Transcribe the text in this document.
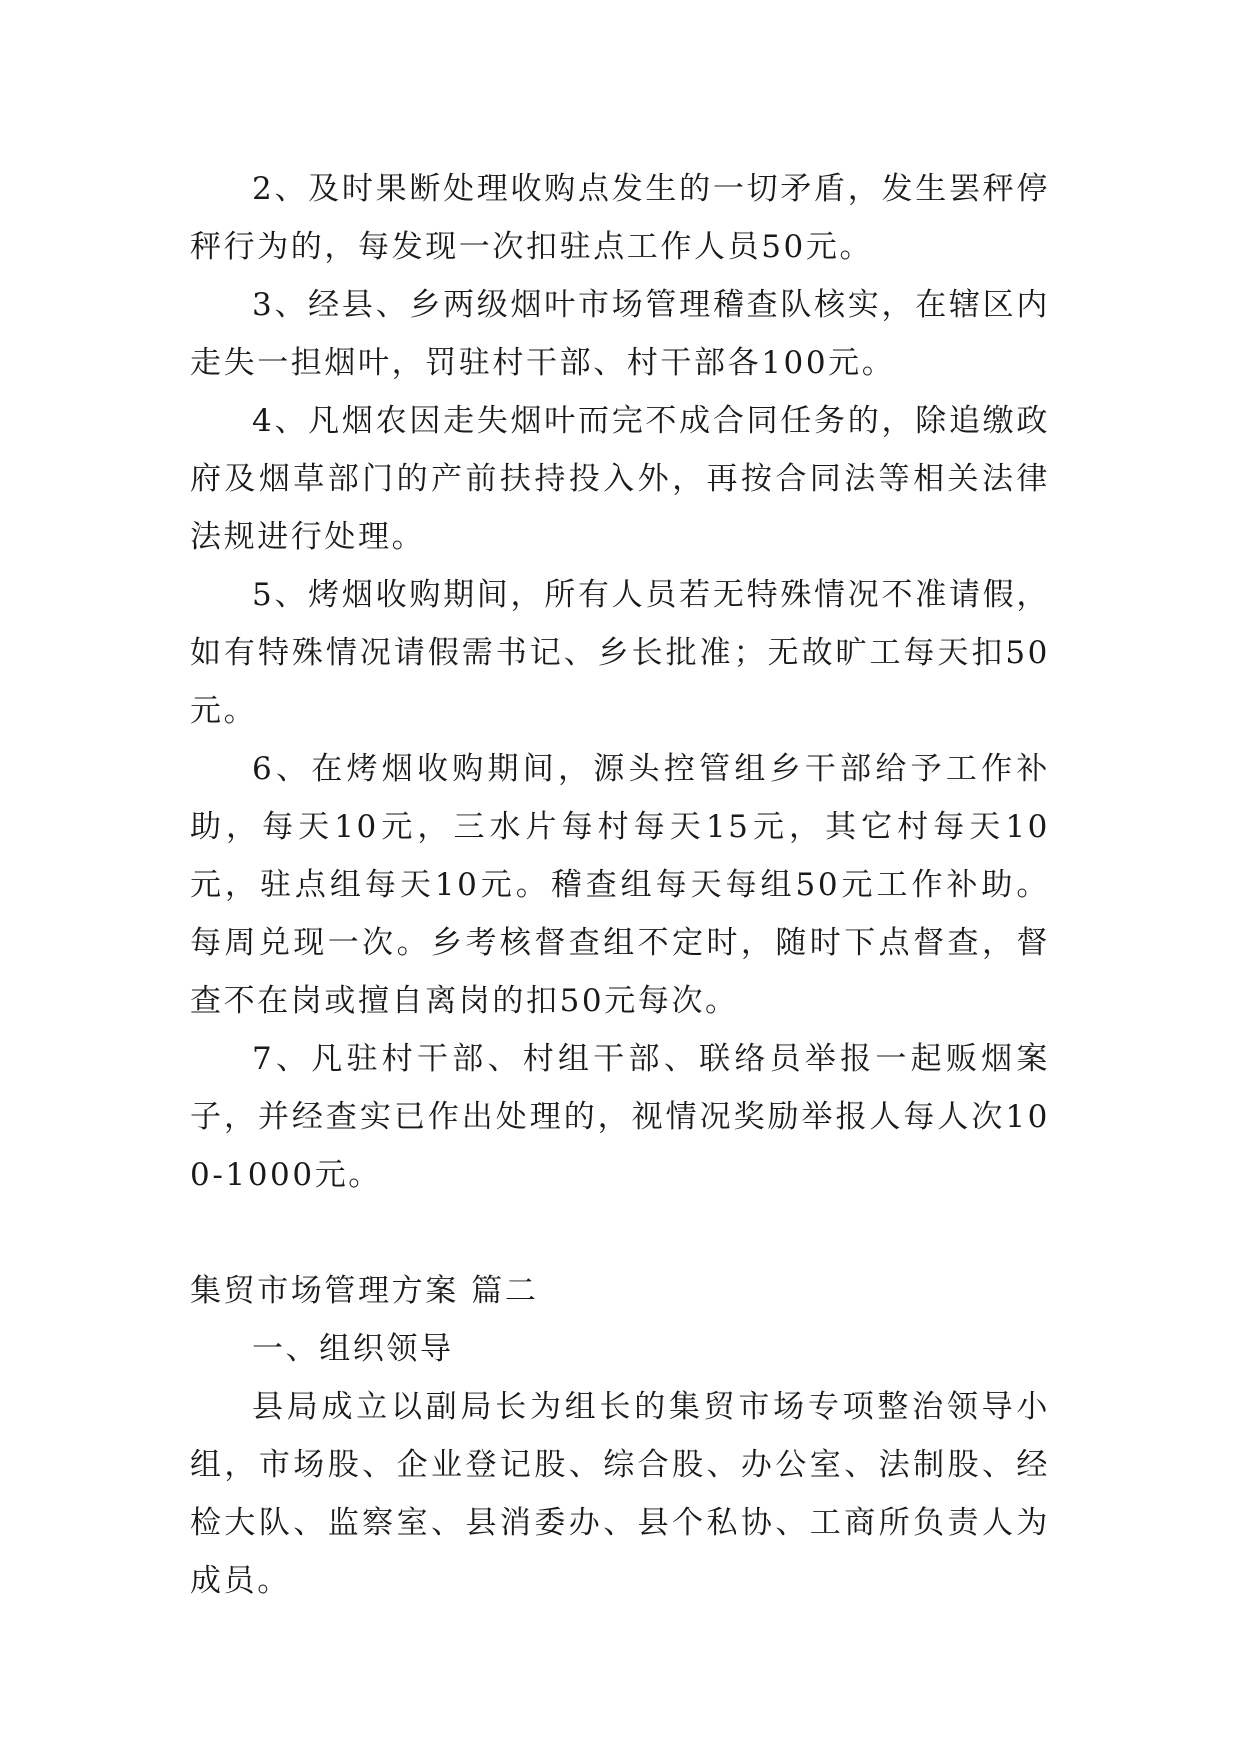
2、及时果断处理收购点发生的一切矛盾，发生罢秤停秤行为的，每发现一次扣驻点工作人员50元。

3、经县、乡两级烟叶市场管理稽查队核实，在辖区内走失一担烟叶，罚驻村干部、村干部各100元。

4、凡烟农因走失烟叶而完不成合同任务的，除追缴政府及烟草部门的产前扶持投入外，再按合同法等相关法律法规进行处理。

5、烤烟收购期间，所有人员若无特殊情况不准请假，如有特殊情况请假需书记、乡长批准；无故旷工每天扣50元。

6、在烤烟收购期间，源头控管组乡干部给予工作补助，每天10元，三水片每村每天15元，其它村每天10元，驻点组每天10元。稽查组每天每组50元工作补助。每周兑现一次。乡考核督查组不定时，随时下点督查，督查不在岗或擅自离岗的扣50元每次。

7、凡驻村干部、村组干部、联络员举报一起贩烟案子，并经查实已作出处理的，视情况奖励举报人每人次100-1000元。

集贸市场管理方案 篇二

一、组织领导

县局成立以副局长为组长的集贸市场专项整治领导小组，市场股、企业登记股、综合股、办公室、法制股、经检大队、监察室、县消委办、县个私协、工商所负责人为成员。
